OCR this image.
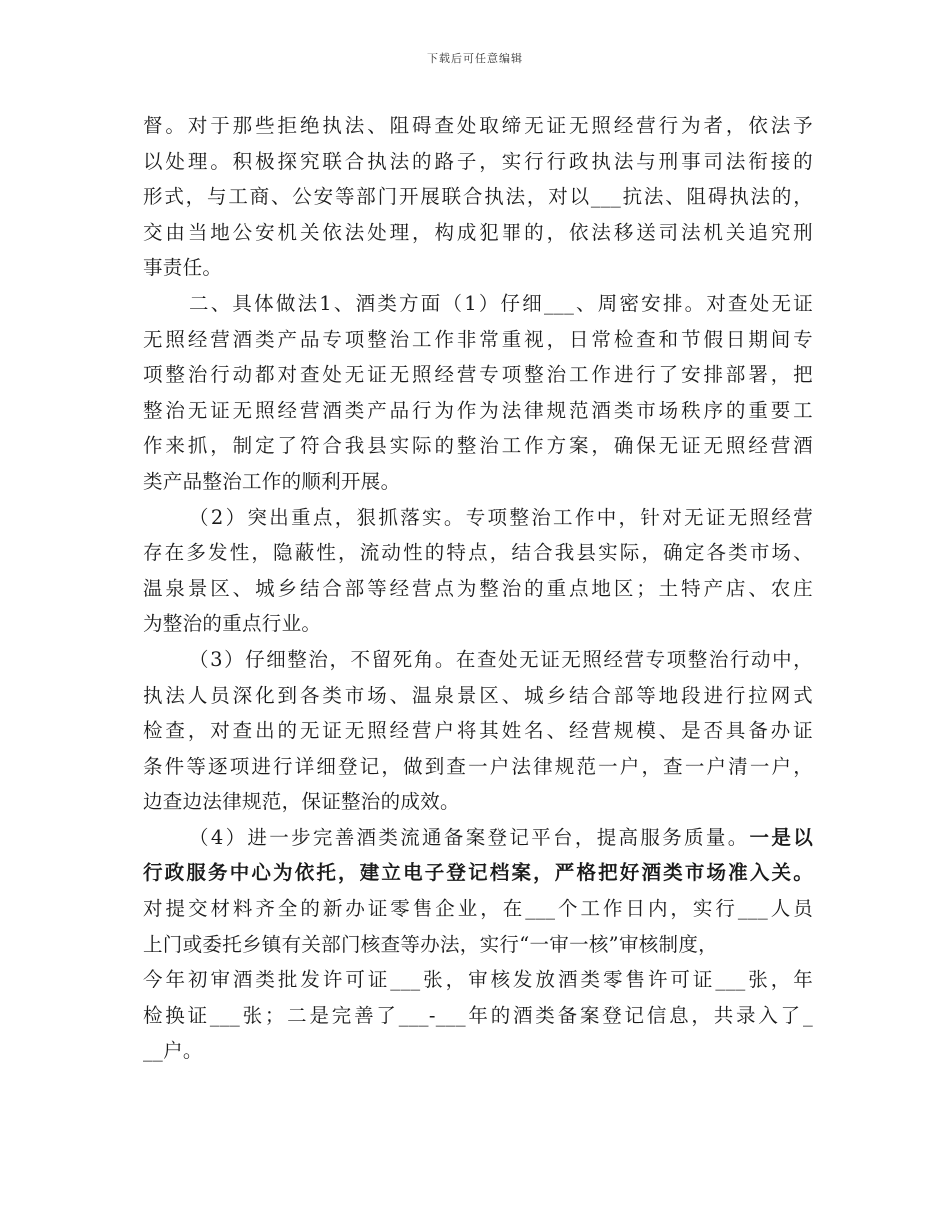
下载后可任意编辑
督。对于那些拒绝执法、阻碍查处取缔无证无照经营行为者，依法予
以处理。积极探究联合执法的路子，实行行政执法与刑事司法衔接的
形式，与工商、公安等部门开展联合执法，对以___抗法、阻碍执法的，
交由当地公安机关依法处理，构成犯罪的，依法移送司法机关追究刑
事责任。
二、具体做法1、酒类方面（1）仔细___、周密安排。对查处无证
无照经营酒类产品专项整治工作非常重视，日常检查和节假日期间专
项整治行动都对查处无证无照经营专项整治工作进行了安排部署，把
整治无证无照经营酒类产品行为作为法律规范酒类市场秩序的重要工
作来抓，制定了符合我县实际的整治工作方案，确保无证无照经营酒
类产品整治工作的顺利开展。
（2）突出重点，狠抓落实。专项整治工作中，针对无证无照经营
存在多发性，隐蔽性，流动性的特点，结合我县实际，确定各类市场、
温泉景区、城乡结合部等经营点为整治的重点地区；土特产店、农庄
为整治的重点行业。
（3）仔细整治，不留死角。在查处无证无照经营专项整治行动中，
执法人员深化到各类市场、温泉景区、城乡结合部等地段进行拉网式
检查，对查出的无证无照经营户将其姓名、经营规模、是否具备办证
条件等逐项进行详细登记，做到查一户法律规范一户，查一户清一户，
边查边法律规范，保证整治的成效。
（4）进一步完善酒类流通备案登记平台，提高服务质量。一是以
行政服务中心为依托，建立电子登记档案，严格把好酒类市场准入关。
对提交材料齐全的新办证零售企业，在___个工作日内，实行___人员
上门或委托乡镇有关部门核查等办法，实行“一审一核”审核制度，
今年初审酒类批发许可证___张，审核发放酒类零售许可证___张，年
检换证___张；二是完善了___-___年的酒类备案登记信息，共录入了_
__户。
